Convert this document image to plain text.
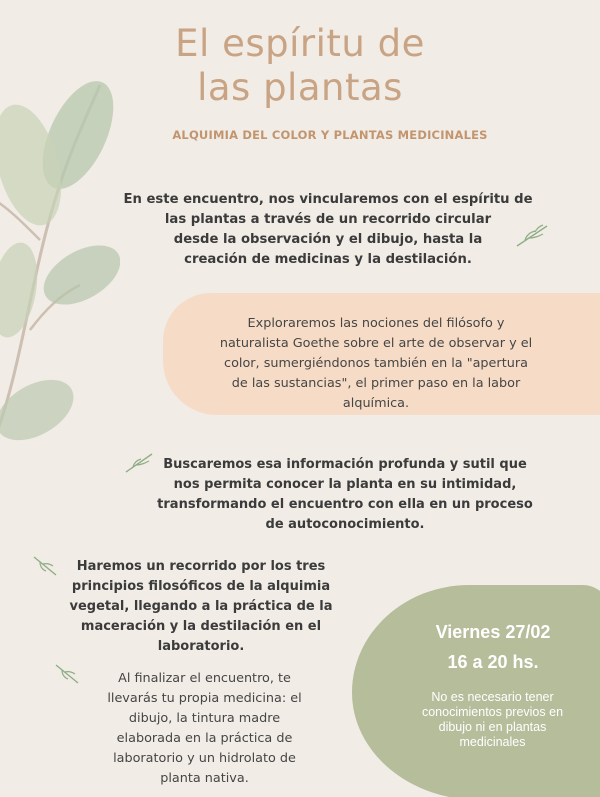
El espíritu de
las plantas
ALQUIMIA DEL COLOR Y PLANTAS MEDICINALES
En este encuentro, nos vincularemos con el espíritu de
las plantas a través de un recorrido circular
desde la observación y el dibujo, hasta la
creación de medicinas y la destilación.
Exploraremos las nociones del filósofo y
naturalista Goethe sobre el arte de observar y el
color, sumergiéndonos también en la "apertura
de las sustancias", el primer paso en la labor
alquímica.
Buscaremos esa información profunda y sutil que
nos permita conocer la planta en su intimidad,
transformando el encuentro con ella en un proceso
de autoconocimiento.
Haremos un recorrido por los tres
principios filosóficos de la alquimia
vegetal, llegando a la práctica de la
maceración y la destilación en el
laboratorio.
Al finalizar el encuentro, te
llevarás tu propia medicina: el
dibujo, la tintura madre
elaborada en la práctica de
laboratorio y un hidrolato de
planta nativa.
Viernes 27/02
16 a 20 hs.
No es necesario tener
conocimientos previos en
dibujo ni en plantas
medicinales
